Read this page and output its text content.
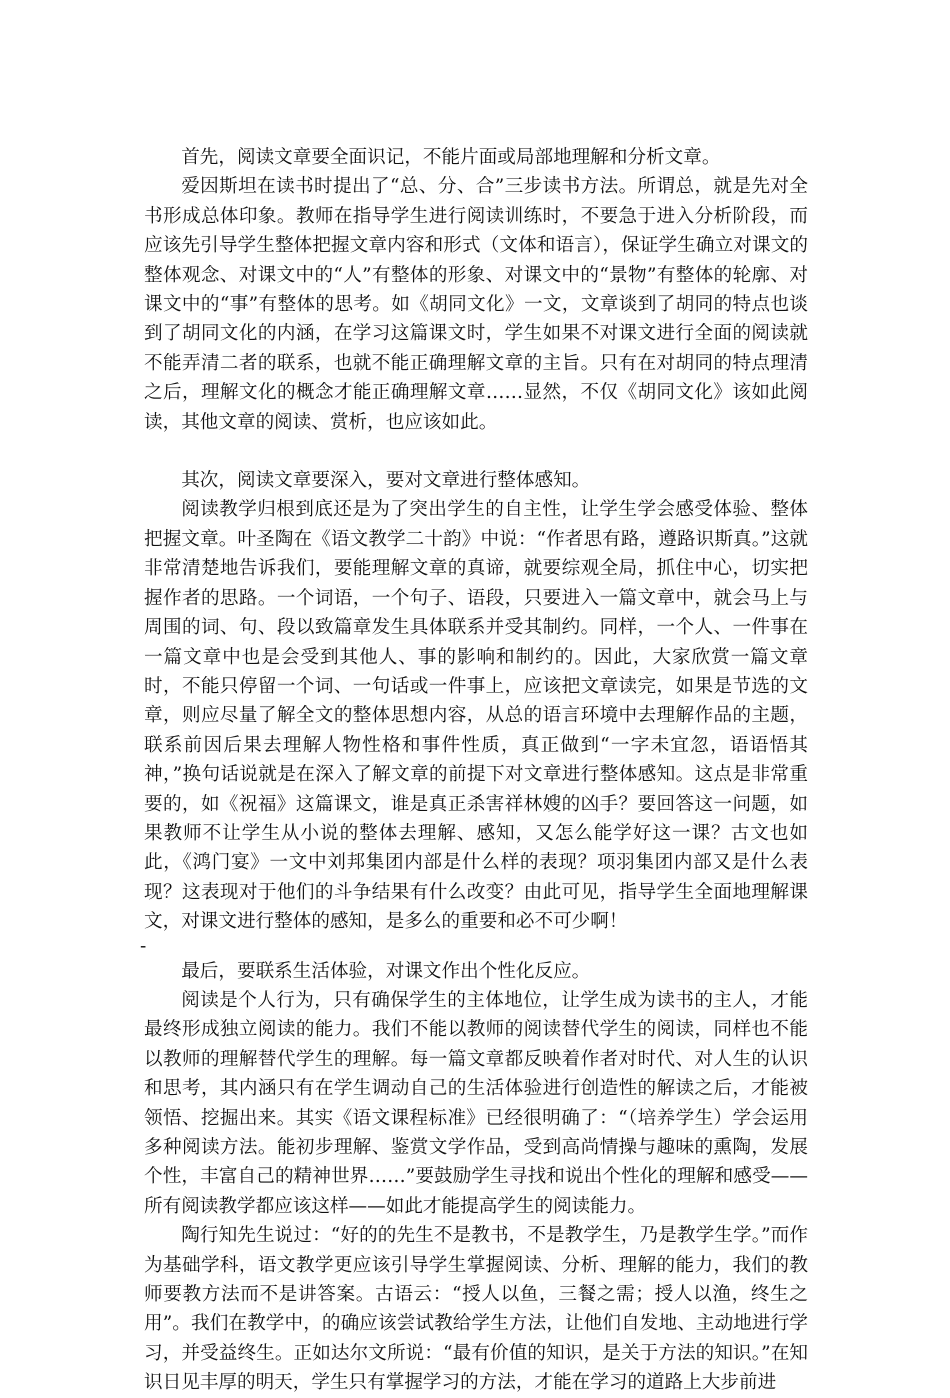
首先，阅读文章要全面识记，不能片面或局部地理解和分析文章。

爱因斯坦在读书时提出了“总、分、合”三步读书方法。所谓总，就是先对全书形成总体印象。教师在指导学生进行阅读训练时，不要急于进入分析阶段，而应该先引导学生整体把握文章内容和形式（文体和语言），保证学生确立对课文的整体观念、对课文中的“人”有整体的形象、对课文中的“景物”有整体的轮廓、对课文中的“事”有整体的思考。如《胡同文化》一文，文章谈到了胡同的特点也谈到了胡同文化的内涵，在学习这篇课文时，学生如果不对课文进行全面的阅读就不能弄清二者的联系，也就不能正确理解文章的主旨。只有在对胡同的特点理清之后，理解文化的概念才能正确理解文章……显然，不仅《胡同文化》该如此阅读，其他文章的阅读、赏析，也应该如此。

其次，阅读文章要深入，要对文章进行整体感知。

阅读教学归根到底还是为了突出学生的自主性，让学生学会感受体验、整体把握文章。叶圣陶在《语文教学二十韵》中说：“作者思有路，遵路识斯真。”这就非常清楚地告诉我们，要能理解文章的真谛，就要综观全局，抓住中心，切实把握作者的思路。一个词语，一个句子、语段，只要进入一篇文章中，就会马上与周围的词、句、段以致篇章发生具体联系并受其制约。同样，一个人、一件事在一篇文章中也是会受到其他人、事的影响和制约的。因此，大家欣赏一篇文章时，不能只停留一个词、一句话或一件事上，应该把文章读完，如果是节选的文章，则应尽量了解全文的整体思想内容，从总的语言环境中去理解作品的主题，联系前因后果去理解人物性格和事件性质，真正做到“一字未宜忽，语语悟其神，”换句话说就是在深入了解文章的前提下对文章进行整体感知。这点是非常重要的，如《祝福》这篇课文，谁是真正杀害祥林嫂的凶手？要回答这一问题，如果教师不让学生从小说的整体去理解、感知，又怎么能学好这一课？古文也如此，《鸿门宴》一文中刘邦集团内部是什么样的表现？项羽集团内部又是什么表现？这表现对于他们的斗争结果有什么改变？由此可见，指导学生全面地理解课文，对课文进行整体的感知，是多么的重要和必不可少啊！

-

最后，要联系生活体验，对课文作出个性化反应。

阅读是个人行为，只有确保学生的主体地位，让学生成为读书的主人，才能最终形成独立阅读的能力。我们不能以教师的阅读替代学生的阅读，同样也不能以教师的理解替代学生的理解。每一篇文章都反映着作者对时代、对人生的认识和思考，其内涵只有在学生调动自己的生活体验进行创造性的解读之后，才能被领悟、挖掘出来。其实《语文课程标准》已经很明确了：“（培养学生）学会运用多种阅读方法。能初步理解、鉴赏文学作品，受到高尚情操与趣味的熏陶，发展个性，丰富自己的精神世界……”要鼓励学生寻找和说出个性化的理解和感受——所有阅读教学都应该这样——如此才能提高学生的阅读能力。

陶行知先生说过：“好的的先生不是教书，不是教学生，乃是教学生学。”而作为基础学科，语文教学更应该引导学生掌握阅读、分析、理解的能力，我们的教师要教方法而不是讲答案。古语云：“授人以鱼，三餐之需；授人以渔，终生之用”。我们在教学中，的确应该尝试教给学生方法，让他们自发地、主动地进行学习，并受益终生。正如达尔文所说：“最有价值的知识，是关于方法的知识。”在知识日见丰厚的明天，学生只有掌握学习的方法，才能在学习的道路上大步前进
